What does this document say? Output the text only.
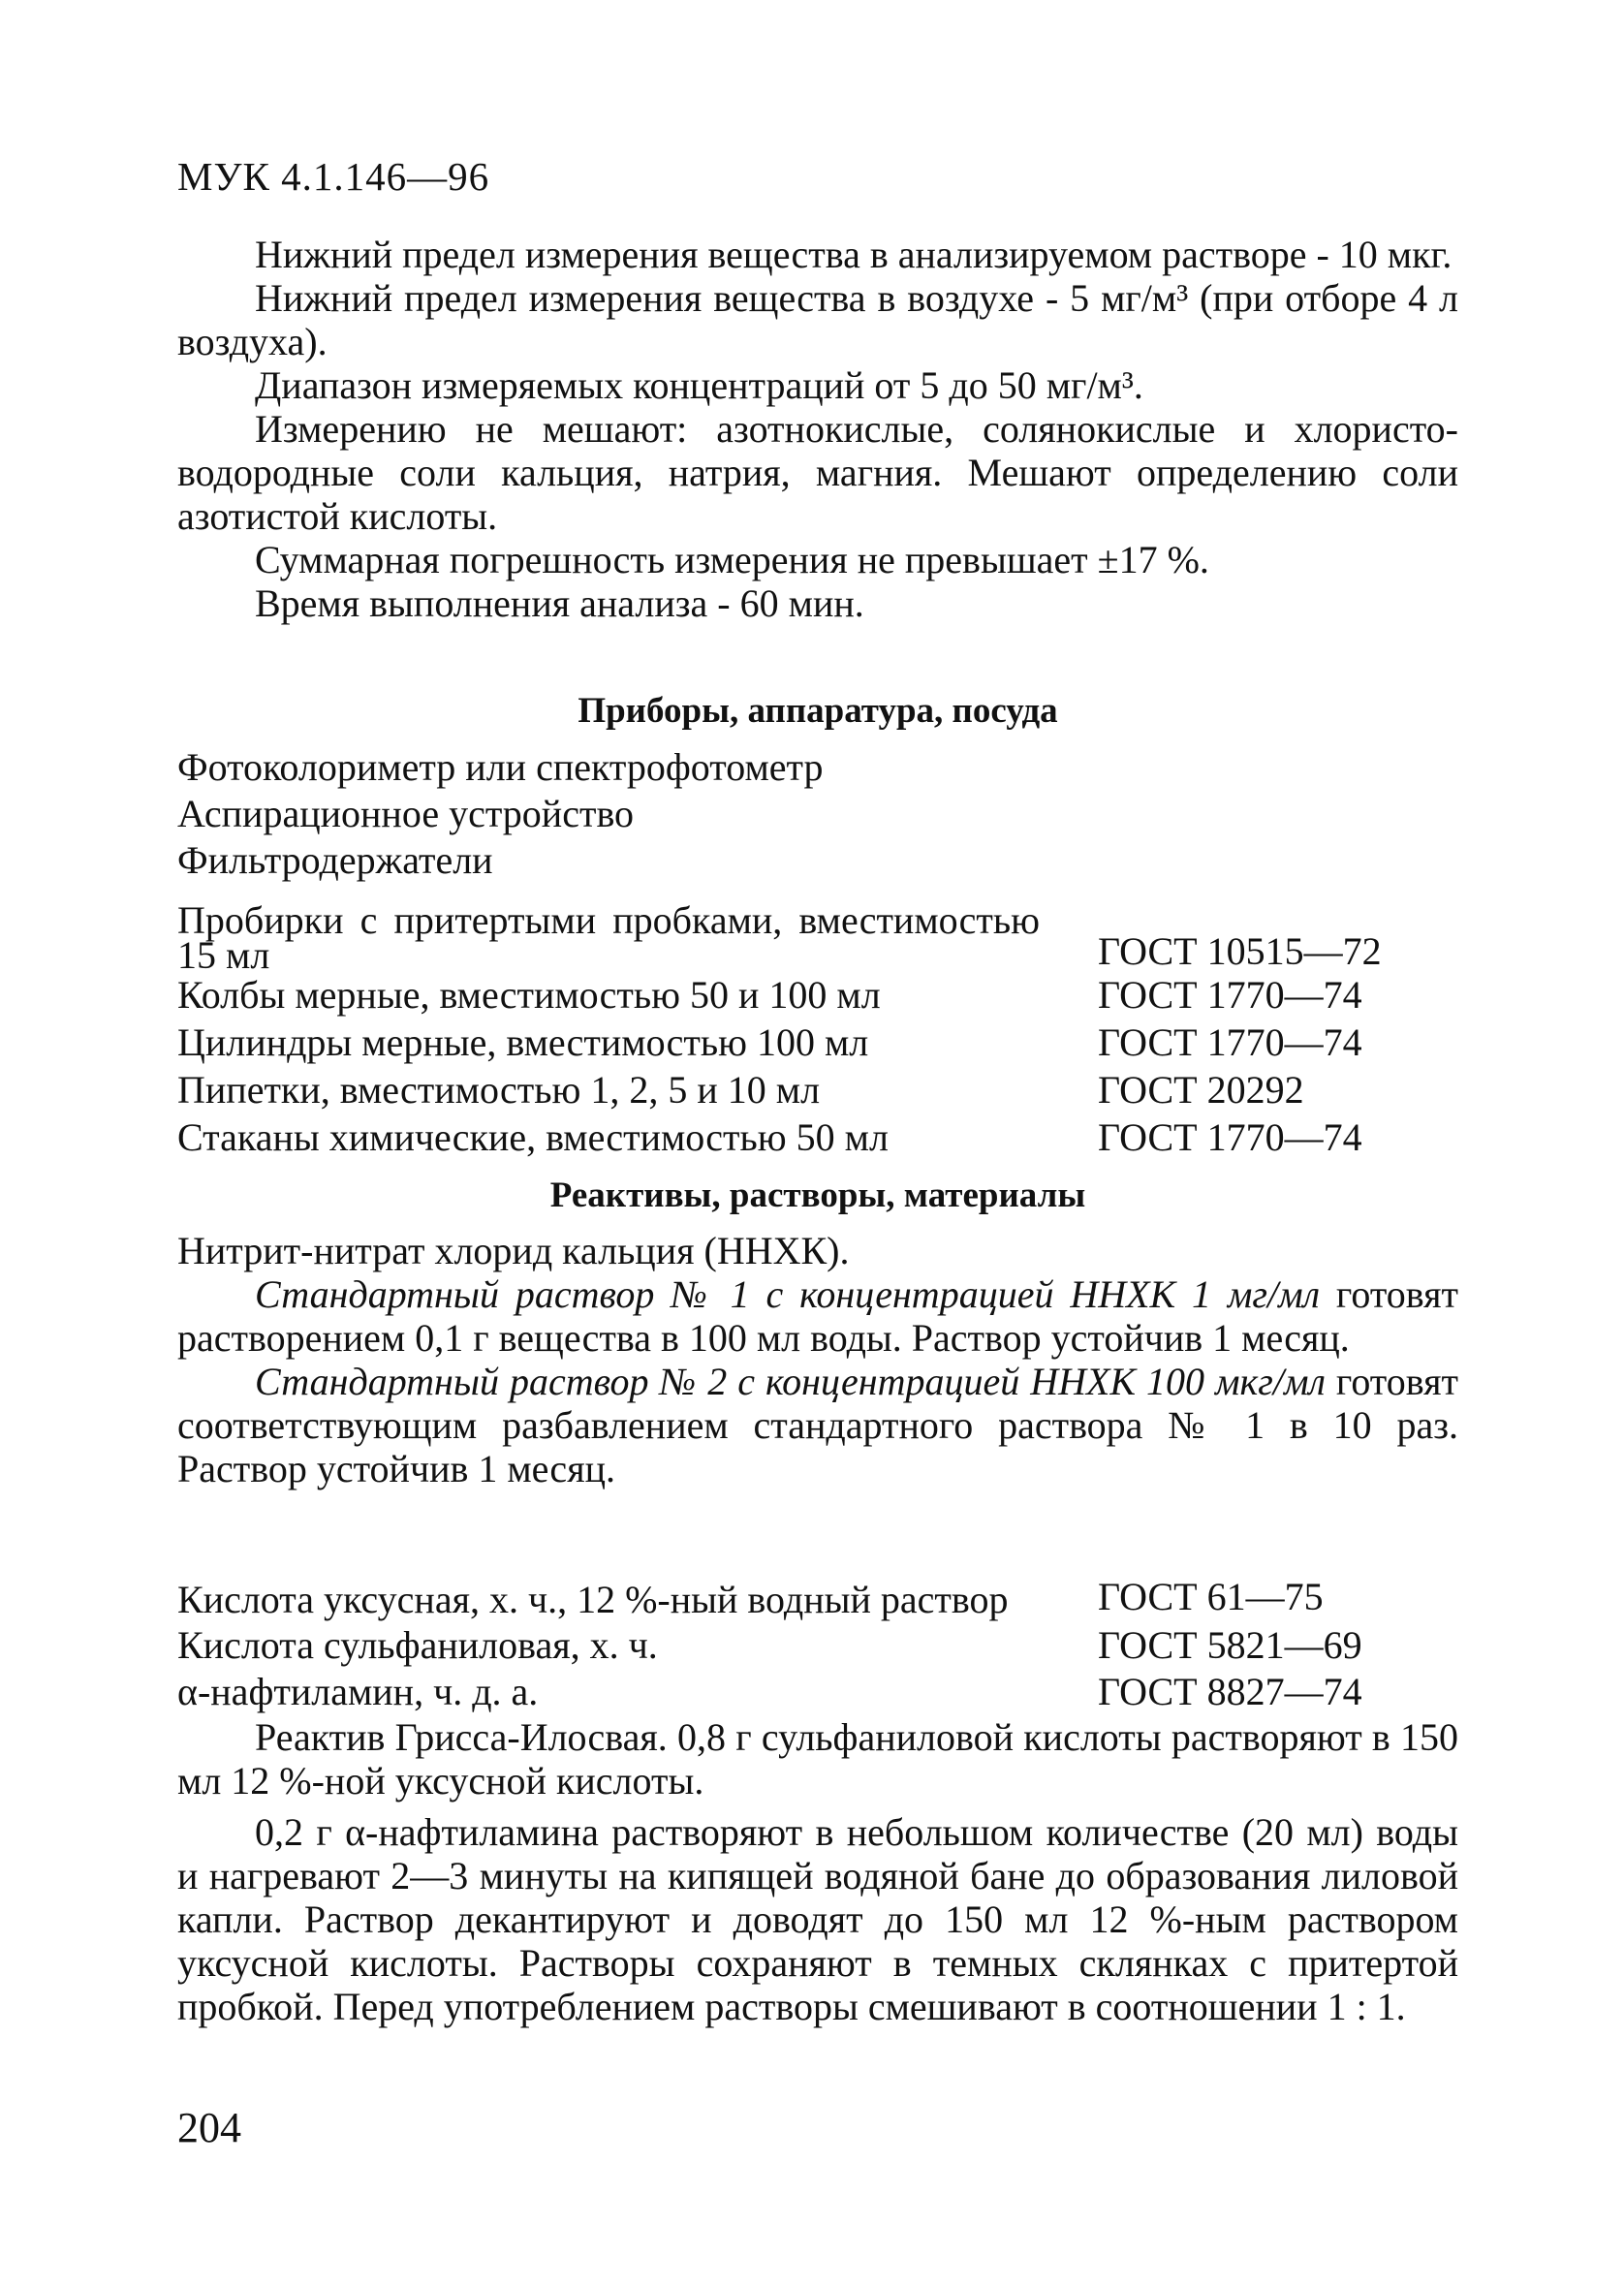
МУК 4.1.146—96

Нижний предел измерения вещества в анализируемом растворе - 10 мкг.

Нижний предел измерения вещества в воздухе - 5 мг/м³ (при отборе 4 л воздуха).

Диапазон измеряемых концентраций от 5 до 50 мг/м³.

Измерению не мешают: азотнокислые, солянокислые и хлористо-водородные соли кальция, натрия, магния. Мешают определению соли азотистой кислоты.

Суммарная погрешность измерения не превышает ±17 %.

Время выполнения анализа - 60 мин.

Приборы, аппаратура, посуда
Фотоколориметр или спектрофотометр
Аспирационное устройство
Фильтродержатели
Пробирки с притертыми пробками, вместимостью 15 мл	ГОСТ 10515—72
Колбы мерные, вместимостью 50 и 100 мл	ГОСТ 1770—74
Цилиндры мерные, вместимостью 100 мл	ГОСТ 1770—74
Пипетки, вместимостью 1, 2, 5 и 10 мл	ГОСТ 20292
Стаканы химические, вместимостью 50 мл	ГОСТ 1770—74
Реактивы, растворы, материалы

Нитрит-нитрат хлорид кальция (ННХК).

Стандартный раствор № 1 с концентрацией ННХК 1 мг/мл готовят растворением 0,1 г вещества в 100 мл воды. Раствор устойчив 1 месяц.

Стандартный раствор № 2 с концентрацией ННХК 100 мкг/мл готовят соответствующим разбавлением стандартного раствора № 1 в 10 раз. Раствор устойчив 1 месяц.

Кислота уксусная, х. ч., 12 %-ный водный раствор	ГОСТ 61—75
Кислота сульфаниловая, х. ч.	ГОСТ 5821—69
α-нафтиламин, ч. д. а.	ГОСТ 8827—74

Реактив Грисса-Илосвая. 0,8 г сульфаниловой кислоты растворяют в 150 мл 12 %-ной уксусной кислоты.

0,2 г α-нафтиламина растворяют в небольшом количестве (20 мл) воды и нагревают 2—3 минуты на кипящей водяной бане до образования лиловой капли. Раствор декантируют и доводят до 150 мл 12 %-ным раствором уксусной кислоты. Растворы сохраняют в темных склянках с притертой пробкой. Перед употреблением растворы смешивают в соотношении 1 : 1.

204
